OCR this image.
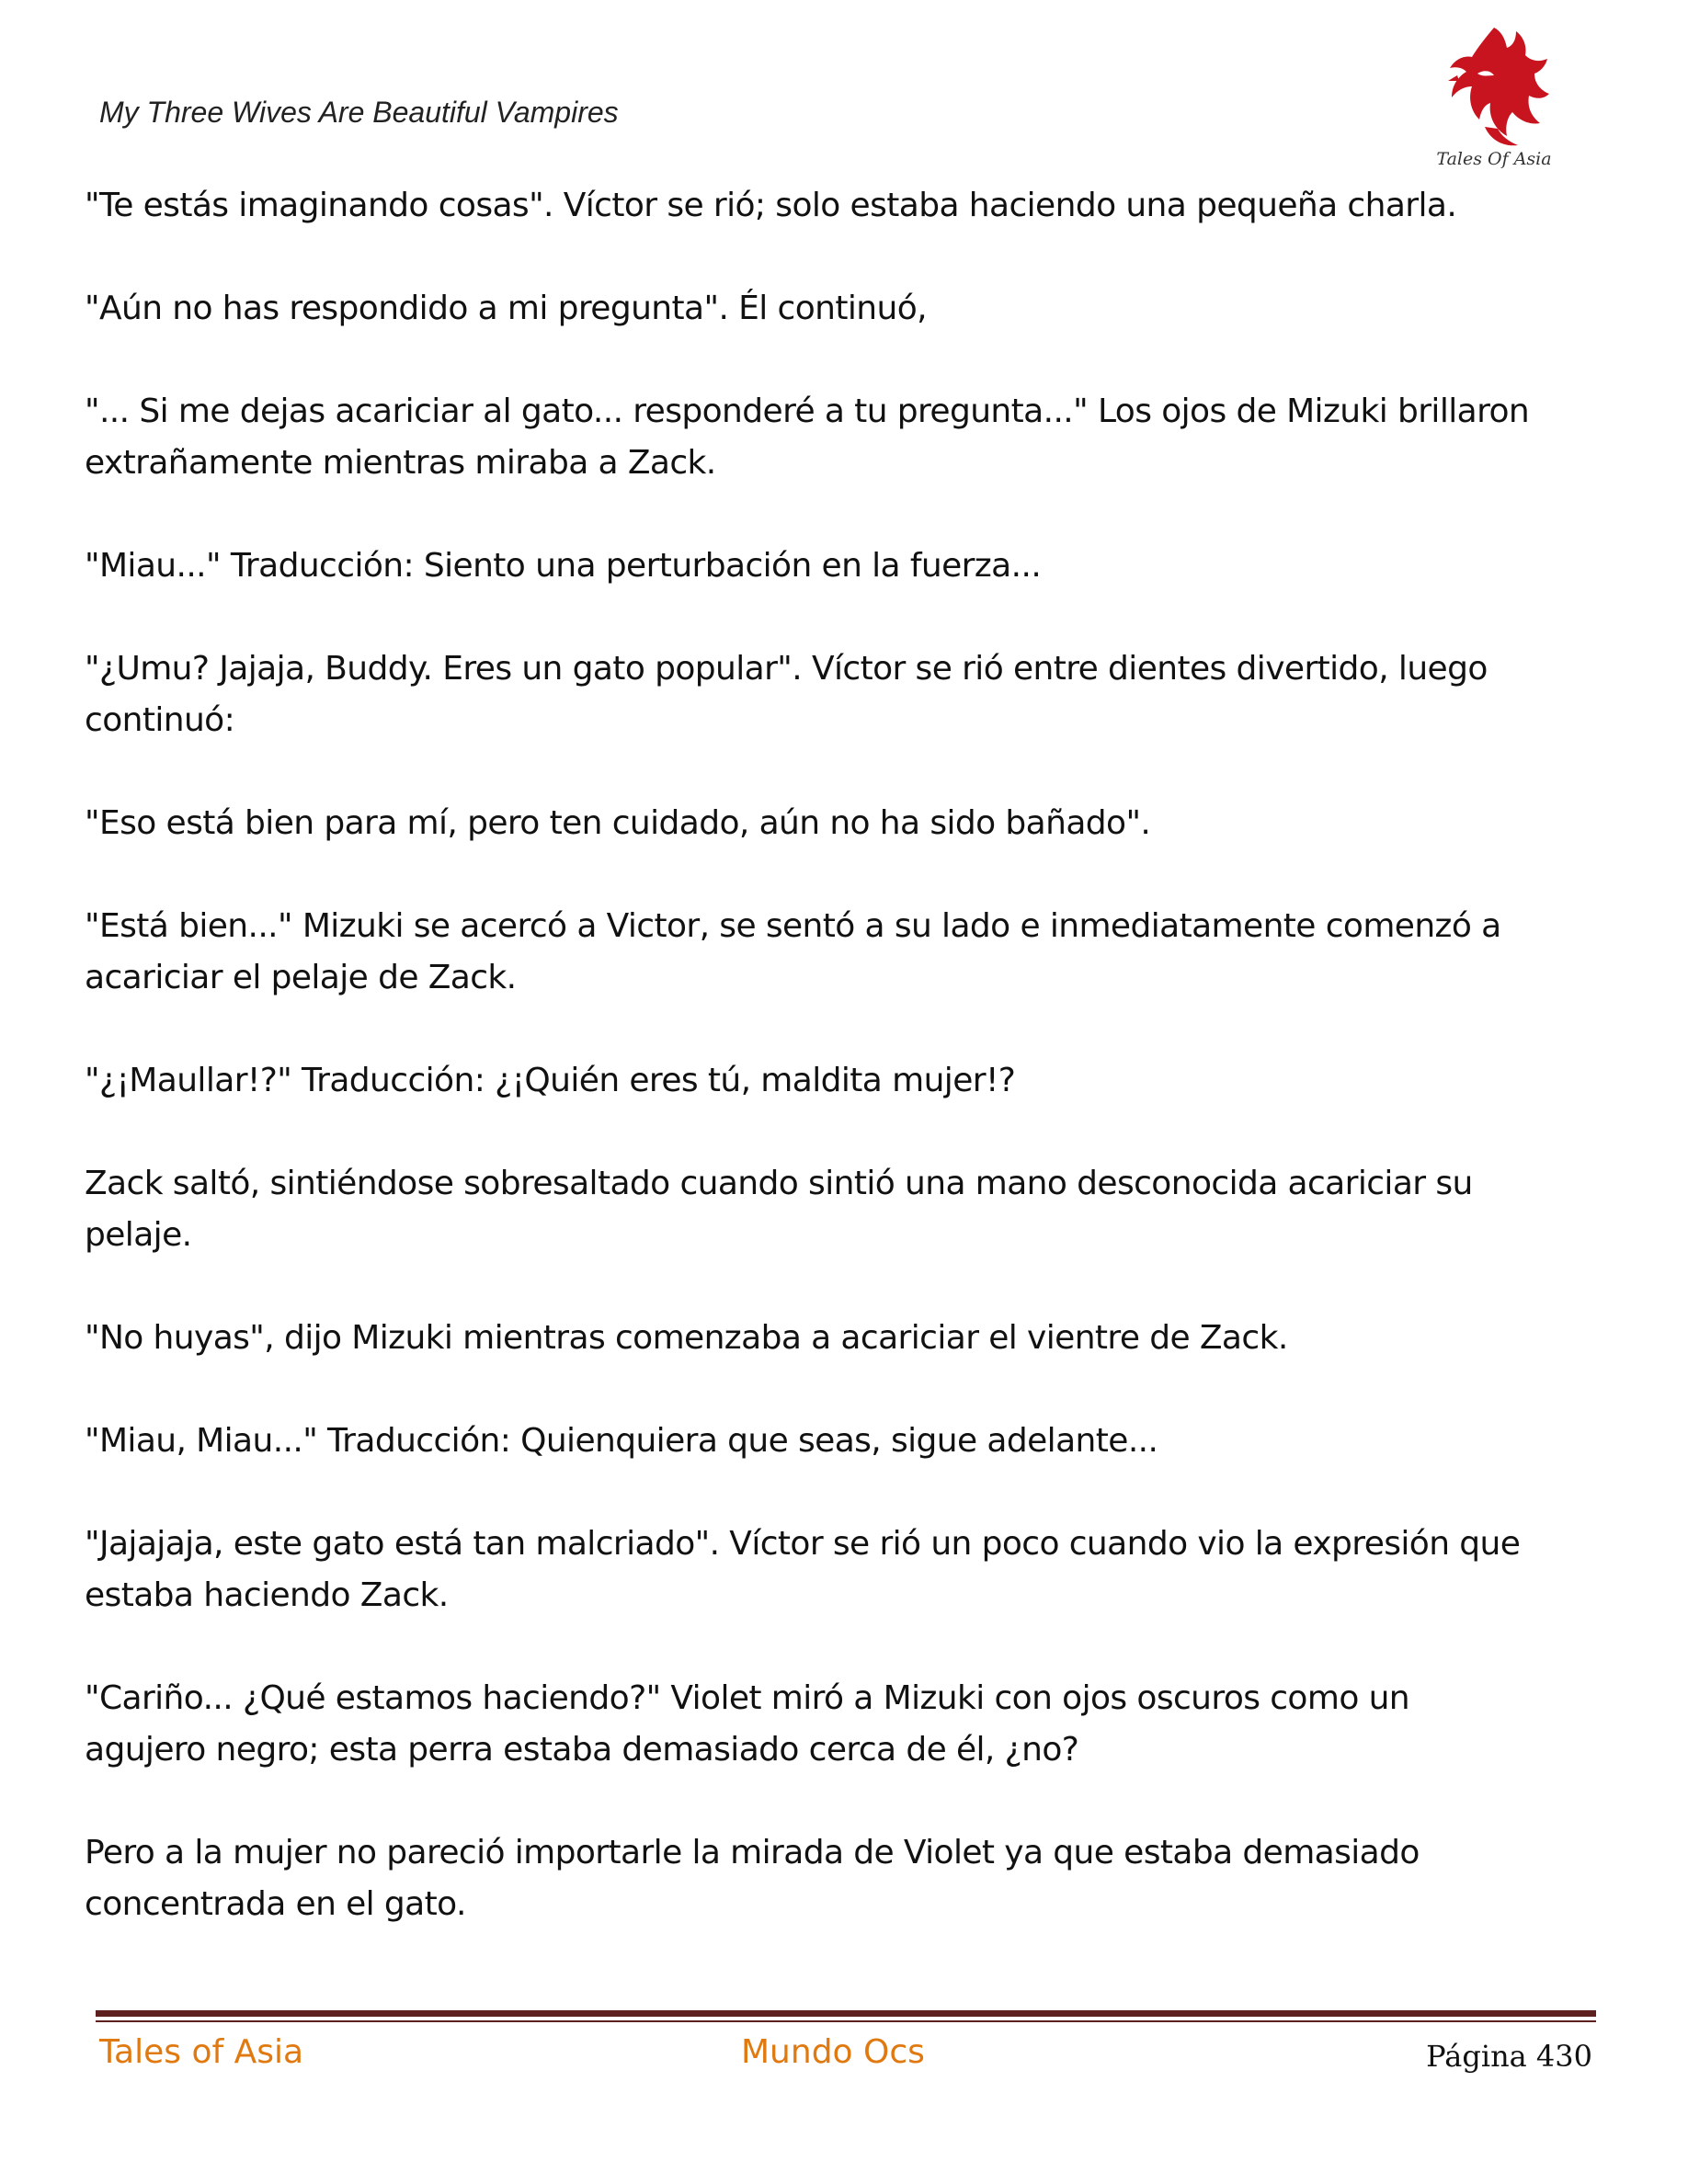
My Three Wives Are Beautiful Vampires
Tales Of Asia

"Te estás imaginando cosas". Víctor se rió; solo estaba haciendo una pequeña charla.

"Aún no has respondido a mi pregunta". Él continuó,

"... Si me dejas acariciar al gato... responderé a tu pregunta..." Los ojos de Mizuki brillaron
extrañamente mientras miraba a Zack.

"Miau..." Traducción: Siento una perturbación en la fuerza...

"¿Umu? Jajaja, Buddy. Eres un gato popular". Víctor se rió entre dientes divertido, luego
continuó:

"Eso está bien para mí, pero ten cuidado, aún no ha sido bañado".

"Está bien..." Mizuki se acercó a Victor, se sentó a su lado e inmediatamente comenzó a
acariciar el pelaje de Zack.

"¿¡Maullar!?" Traducción: ¿¡Quién eres tú, maldita mujer!?

Zack saltó, sintiéndose sobresaltado cuando sintió una mano desconocida acariciar su
pelaje.

"No huyas", dijo Mizuki mientras comenzaba a acariciar el vientre de Zack.

"Miau, Miau..." Traducción: Quienquiera que seas, sigue adelante...

"Jajajaja, este gato está tan malcriado". Víctor se rió un poco cuando vio la expresión que
estaba haciendo Zack.

"Cariño... ¿Qué estamos haciendo?" Violet miró a Mizuki con ojos oscuros como un
agujero negro; esta perra estaba demasiado cerca de él, ¿no?

Pero a la mujer no pareció importarle la mirada de Violet ya que estaba demasiado
concentrada en el gato.

Tales of Asia	Mundo Ocs	Página 430
